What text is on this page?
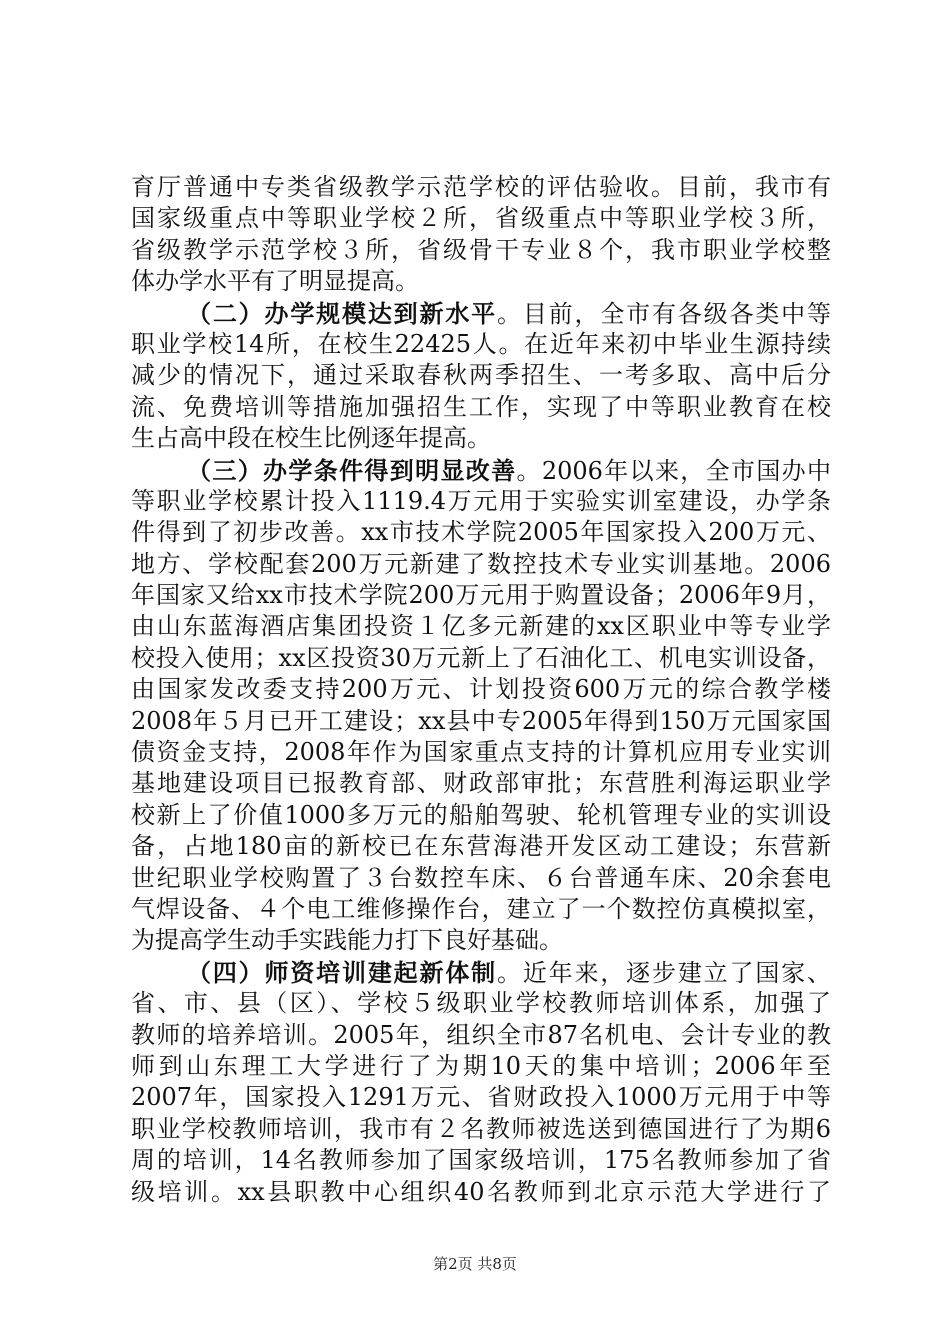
育厅普通中专类省级教学示范学校的评估验收。目前，我市有
国家级重点中等职业学校２所，省级重点中等职业学校３所，
省级教学示范学校３所，省级骨干专业８个，我市职业学校整
体办学水平有了明显提高。
（二）办学规模达到新水平。目前，全市有各级各类中等
职业学校14所，在校生22425人。在近年来初中毕业生源持续
减少的情况下，通过采取春秋两季招生、一考多取、高中后分
流、免费培训等措施加强招生工作，实现了中等职业教育在校
生占高中段在校生比例逐年提高。
（三）办学条件得到明显改善。2006年以来，全市国办中
等职业学校累计投入1119.4万元用于实验实训室建设，办学条
件得到了初步改善。xx市技术学院2005年国家投入200万元、
地方、学校配套200万元新建了数控技术专业实训基地。2006
年国家又给xx市技术学院200万元用于购置设备；2006年9月，
由山东蓝海酒店集团投资１亿多元新建的xx区职业中等专业学
校投入使用；xx区投资30万元新上了石油化工、机电实训设备，
由国家发改委支持200万元、计划投资600万元的综合教学楼
2008年５月已开工建设；xx县中专2005年得到150万元国家国
债资金支持，2008年作为国家重点支持的计算机应用专业实训
基地建设项目已报教育部、财政部审批；东营胜利海运职业学
校新上了价值1000多万元的船舶驾驶、轮机管理专业的实训设
备，占地180亩的新校已在东营海港开发区动工建设；东营新
世纪职业学校购置了３台数控车床、６台普通车床、20余套电
气焊设备、４个电工维修操作台，建立了一个数控仿真模拟室，
为提高学生动手实践能力打下良好基础。
（四）师资培训建起新体制。近年来，逐步建立了国家、
省、市、县（区）、学校５级职业学校教师培训体系，加强了
教师的培养培训。2005年，组织全市87名机电、会计专业的教
师到山东理工大学进行了为期10天的集中培训；2006年至
2007年，国家投入1291万元、省财政投入1000万元用于中等
职业学校教师培训，我市有２名教师被选送到德国进行了为期6
周的培训，14名教师参加了国家级培训，175名教师参加了省
级培训。xx县职教中心组织40名教师到北京示范大学进行了
第2页 共8页
